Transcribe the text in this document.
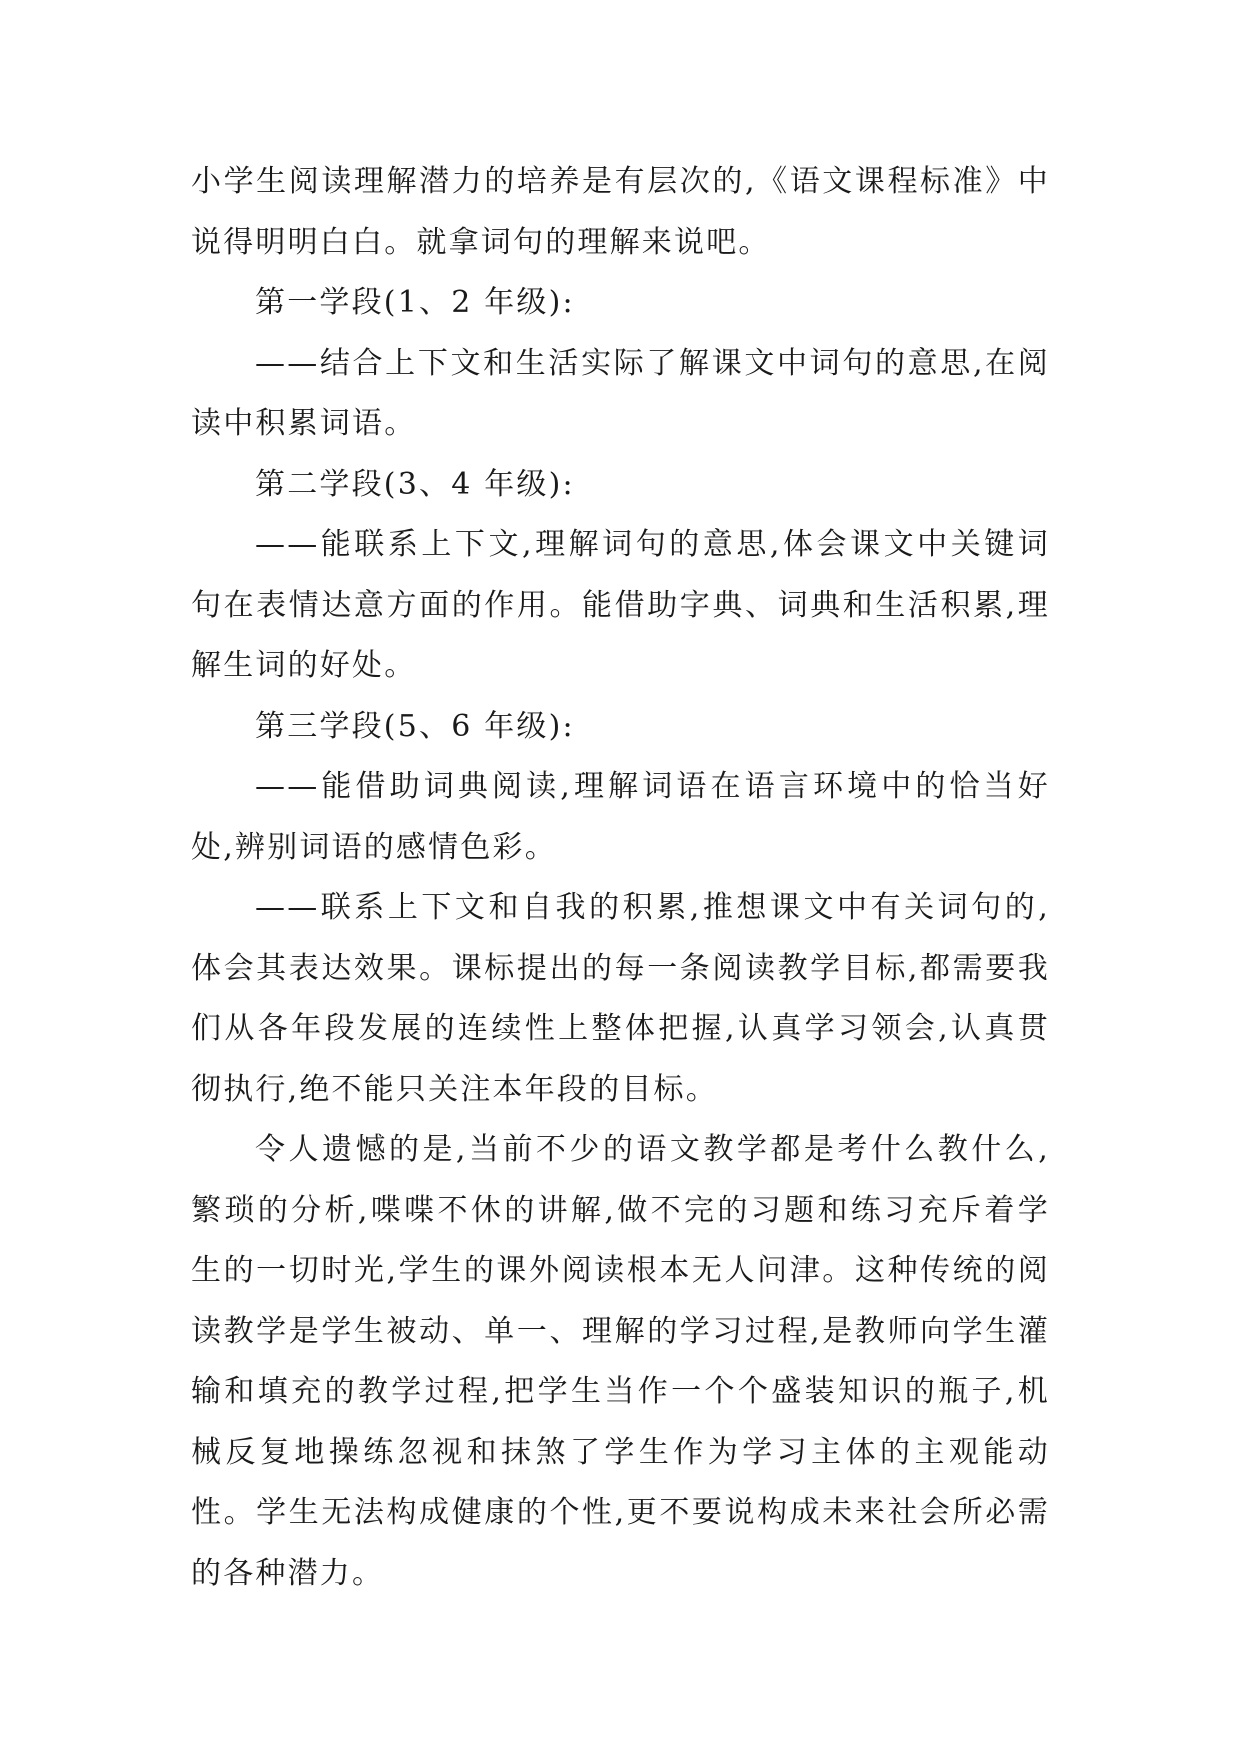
小学生阅读理解潜力的培养是有层次的,《语文课程标准》中说得明明白白。就拿词句的理解来说吧。

第一学段(1、2 年级):

——结合上下文和生活实际了解课文中词句的意思,在阅读中积累词语。

第二学段(3、4 年级):

——能联系上下文,理解词句的意思,体会课文中关键词句在表情达意方面的作用。能借助字典、词典和生活积累,理解生词的好处。

第三学段(5、6 年级):

——能借助词典阅读,理解词语在语言环境中的恰当好处,辨别词语的感情色彩。

——联系上下文和自我的积累,推想课文中有关词句的,体会其表达效果。课标提出的每一条阅读教学目标,都需要我们从各年段发展的连续性上整体把握,认真学习领会,认真贯彻执行,绝不能只关注本年段的目标。

令人遗憾的是,当前不少的语文教学都是考什么教什么,繁琐的分析,喋喋不休的讲解,做不完的习题和练习充斥着学生的一切时光,学生的课外阅读根本无人问津。这种传统的阅读教学是学生被动、单一、理解的学习过程,是教师向学生灌输和填充的教学过程,把学生当作一个个盛装知识的瓶子,机械反复地操练忽视和抹煞了学生作为学习主体的主观能动性。学生无法构成健康的个性,更不要说构成未来社会所必需的各种潜力。
